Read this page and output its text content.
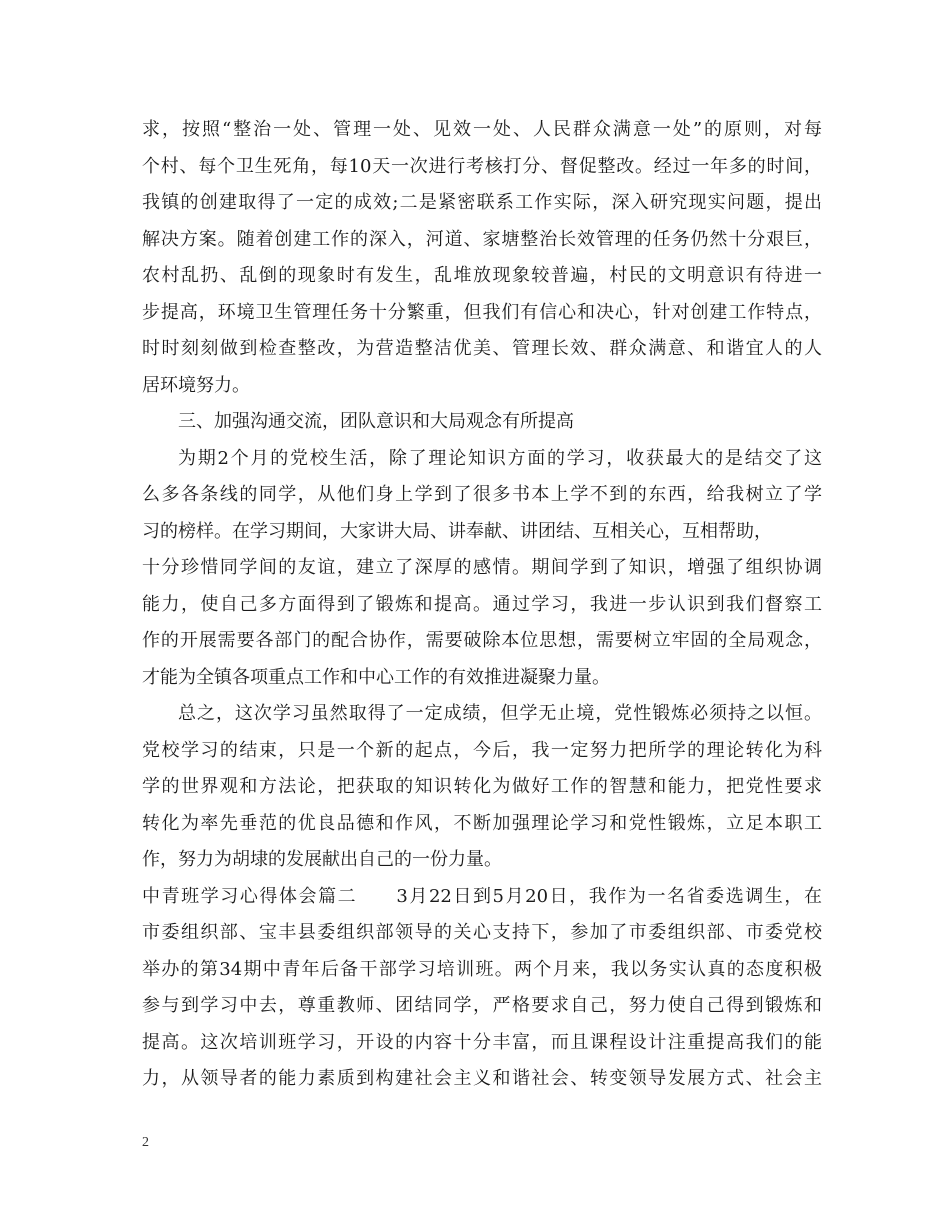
求，按照“整治一处、管理一处、见效一处、人民群众满意一处”的原则，对每
个村、每个卫生死角，每10天一次进行考核打分、督促整改。经过一年多的时间，
我镇的创建取得了一定的成效;二是紧密联系工作实际，深入研究现实问题，提出
解决方案。随着创建工作的深入，河道、家塘整治长效管理的任务仍然十分艰巨，
农村乱扔、乱倒的现象时有发生，乱堆放现象较普遍，村民的文明意识有待进一
步提高，环境卫生管理任务十分繁重，但我们有信心和决心，针对创建工作特点，
时时刻刻做到检查整改，为营造整洁优美、管理长效、群众满意、和谐宜人的人
居环境努力。
三、加强沟通交流，团队意识和大局观念有所提高
为期2个月的党校生活，除了理论知识方面的学习，收获最大的是结交了这
么多各条线的同学，从他们身上学到了很多书本上学不到的东西，给我树立了学
习的榜样。在学习期间，大家讲大局、讲奉献、讲团结、互相关心，互相帮助，
十分珍惜同学间的友谊，建立了深厚的感情。期间学到了知识，增强了组织协调
能力，使自己多方面得到了锻炼和提高。通过学习，我进一步认识到我们督察工
作的开展需要各部门的配合协作，需要破除本位思想，需要树立牢固的全局观念，
才能为全镇各项重点工作和中心工作的有效推进凝聚力量。
总之，这次学习虽然取得了一定成绩，但学无止境，党性锻炼必须持之以恒。
党校学习的结束，只是一个新的起点，今后，我一定努力把所学的理论转化为科
学的世界观和方法论，把获取的知识转化为做好工作的智慧和能力，把党性要求
转化为率先垂范的优良品德和作风，不断加强理论学习和党性锻炼，立足本职工
作，努力为胡埭的发展献出自己的一份力量。
中青班学习心得体会篇二　　3月22日到5月20日，我作为一名省委选调生，在
市委组织部、宝丰县委组织部领导的关心支持下，参加了市委组织部、市委党校
举办的第34期中青年后备干部学习培训班。两个月来，我以务实认真的态度积极
参与到学习中去，尊重教师、团结同学，严格要求自己，努力使自己得到锻炼和
提高。这次培训班学习，开设的内容十分丰富，而且课程设计注重提高我们的能
力，从领导者的能力素质到构建社会主义和谐社会、转变领导发展方式、社会主
2
